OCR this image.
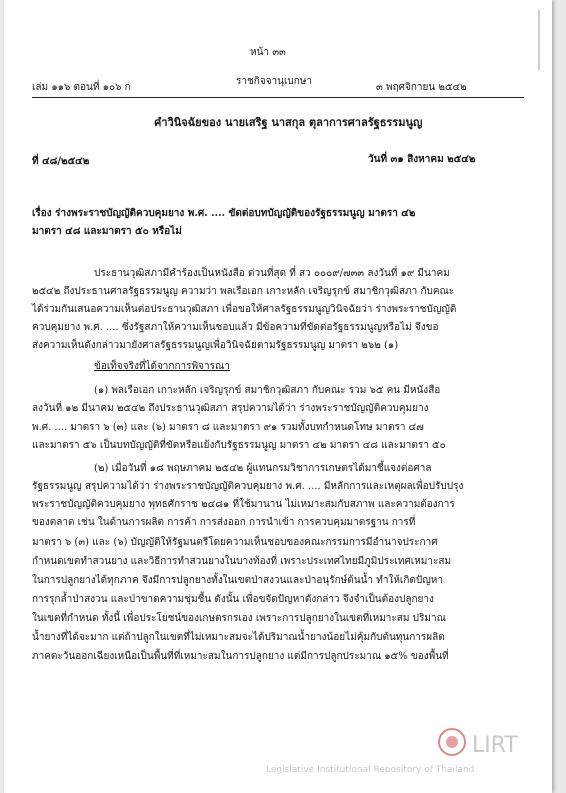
หน้า ๓๓
เล่ม ๑๑๖ ตอนที่ ๑๐๖ ก
ราชกิจจานุเบกษา
๓ พฤศจิกายน ๒๕๔๒
คำวินิจฉัยของ นายเสริฐ นาสกุล ตุลาการศาลรัฐธรรมนูญ
ที่ ๔๘/๒๕๔๒	วันที่ ๓๑ สิงหาคม ๒๕๔๒
เรื่อง ร่างพระราชบัญญัติควบคุมยาง พ.ศ. .... ขัดต่อบทบัญญัติของรัฐธรรมนูญ มาตรา ๔๒
มาตรา ๔๘ และมาตรา ๕๐ หรือไม่
ประธานวุฒิสภามีคำร้องเป็นหนังสือ ด่วนที่สุด ที่ สว ๐๐๐๙/๗๓๓ ลงวันที่ ๑๙ มีนาคม
๒๕๔๒ ถึงประธานศาลรัฐธรรมนูญ ความว่า พลเรือเอก เกาะหลัก เจริญรุกข์ สมาชิกวุฒิสภา กับคณะ
ได้ร่วมกันเสนอความเห็นต่อประธานวุฒิสภา เพื่อขอให้ศาลรัฐธรรมนูญวินิจฉัยว่า ร่างพระราชบัญญัติ
ควบคุมยาง พ.ศ. .... ซึ่งรัฐสภาให้ความเห็นชอบแล้ว มีข้อความที่ขัดต่อรัฐธรรมนูญหรือไม่ จึงขอ
ส่งความเห็นดังกล่าวมายังศาลรัฐธรรมนูญเพื่อวินิจฉัยตามรัฐธรรมนูญ มาตรา ๒๖๒ (๑)
ข้อเท็จจริงที่ได้จากการพิจารณา
(๑) พลเรือเอก เกาะหลัก เจริญรุกข์ สมาชิกวุฒิสภา กับคณะ รวม ๖๕ คน มีหนังสือ
ลงวันที่ ๑๒ มีนาคม ๒๕๔๒ ถึงประธานวุฒิสภา สรุปความได้ว่า ร่างพระราชบัญญัติควบคุมยาง
พ.ศ. .... มาตรา ๖ (๓) และ (๖) มาตรา ๘ และมาตรา ๙๑ รวมทั้งบทกำหนดโทษ มาตรา ๔๗
และมาตรา ๕๖ เป็นบทบัญญัติที่ขัดหรือแย้งกับรัฐธรรมนูญ มาตรา ๔๒ มาตรา ๔๘ และมาตรา ๕๐
(๒) เมื่อวันที่ ๑๘ พฤษภาคม ๒๕๔๒ ผู้แทนกรมวิชาการเกษตรได้มาชี้แจงต่อศาล
รัฐธรรมนูญ สรุปความได้ว่า ร่างพระราชบัญญัติควบคุมยาง พ.ศ. .... มีหลักการและเหตุผลเพื่อปรับปรุง
พระราชบัญญัติควบคุมยาง พุทธศักราช ๒๔๘๑ ที่ใช้มานาน ไม่เหมาะสมกับสภาพ และความต้องการ
ของตลาด เช่น ในด้านการผลิต การค้า การส่งออก การนำเข้า การควบคุมมาตรฐาน การที่
มาตรา ๖ (๓) และ (๖) บัญญัติให้รัฐมนตรีโดยความเห็นชอบของคณะกรรมการมีอำนาจประกาศ
กำหนดเขตทำสวนยาง และวิธีการทำสวนยางในบางท้องที่ เพราะประเทศไทยมีภูมิประเทศเหมาะสม
ในการปลูกยางได้ทุกภาค จึงมีการปลูกยางทั้งในเขตป่าสงวนและป่าอนุรักษ์ต้นน้ำ ทำให้เกิดปัญหา
การรุกล้ำป่าสงวน และป่าขาดความชุ่มชื้น ดังนั้น เพื่อขจัดปัญหาดังกล่าว จึงจำเป็นต้องปลูกยาง
ในเขตที่กำหนด ทั้งนี้ เพื่อประโยชน์ของเกษตรกรเอง เพราะการปลูกยางในเขตที่เหมาะสม ปริมาณ
น้ำยางที่ได้จะมาก แต่ถ้าปลูกในเขตที่ไม่เหมาะสมจะได้ปริมาณน้ำยางน้อยไม่คุ้มกับต้นทุนการผลิต
ภาคตะวันออกเฉียงเหนือเป็นพื้นที่ที่เหมาะสมในการปลูกยาง แต่มีการปลูกประมาณ ๑๕% ของพื้นที่
LIRT
Legislative Institutional Repository of Thailand
